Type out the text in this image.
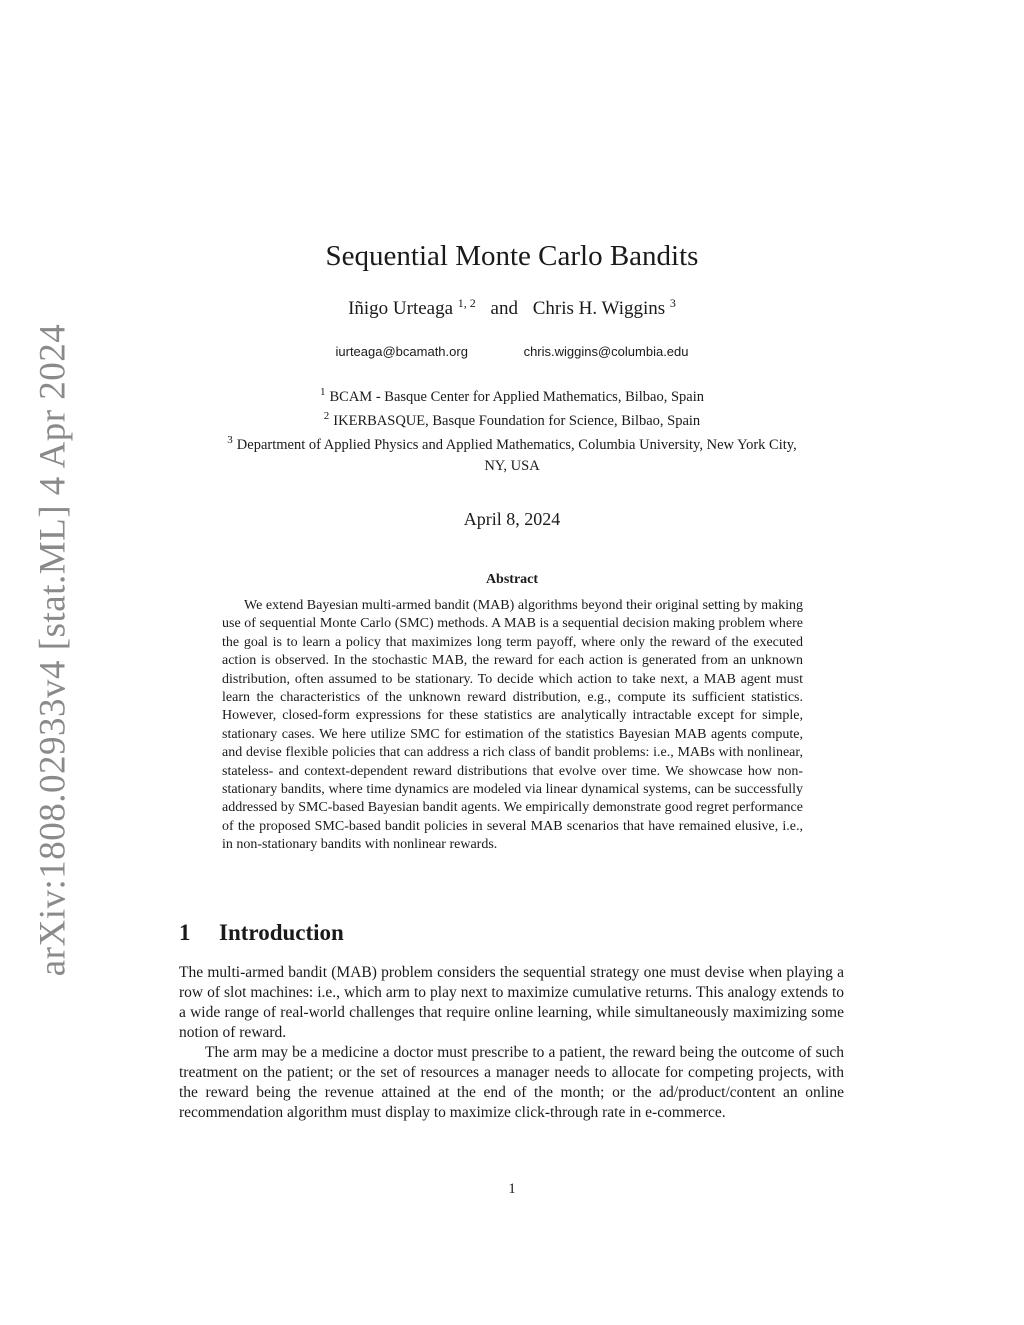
arXiv:1808.02933v4 [stat.ML] 4 Apr 2024
Sequential Monte Carlo Bandits
Iñigo Urteaga $^{1, 2}$ and Chris H. Wiggins $^3$
iurteaga@bcamath.org	chris.wiggins@columbia.edu
$^1$ BCAM - Basque Center for Applied Mathematics, Bilbao, Spain
$^2$ IKERBASQUE, Basque Foundation for Science, Bilbao, Spain
$^3$ Department of Applied Physics and Applied Mathematics, Columbia University, New York City,
NY, USA
April 8, 2024
Abstract

We extend Bayesian multi-armed bandit (MAB) algorithms beyond their original setting by making use of sequential Monte Carlo (SMC) methods. A MAB is a sequential decision making problem where the goal is to learn a policy that maximizes long term payoff, where only the reward of the executed action is observed. In the stochastic MAB, the reward for each action is generated from an unknown distribution, often assumed to be stationary. To decide which action to take next, a MAB agent must learn the characteristics of the unknown reward distribution, e.g., compute its sufficient statistics. However, closed-form expressions for these statistics are analytically intractable except for simple, stationary cases. We here utilize SMC for estimation of the statistics Bayesian MAB agents compute, and devise flexible policies that can address a rich class of bandit problems: i.e., MABs with nonlinear, stateless- and context-dependent reward distributions that evolve over time. We showcase how non-stationary bandits, where time dynamics are modeled via linear dynamical systems, can be successfully addressed by SMC-based Bayesian bandit agents. We empirically demonstrate good regret performance of the proposed SMC-based bandit policies in several MAB scenarios that have remained elusive, i.e., in non-stationary bandits with nonlinear rewards.

1 Introduction

The multi-armed bandit (MAB) problem considers the sequential strategy one must devise when playing a row of slot machines: i.e., which arm to play next to maximize cumulative returns. This analogy extends to a wide range of real-world challenges that require online learning, while simultaneously maximizing some notion of reward.

The arm may be a medicine a doctor must prescribe to a patient, the reward being the outcome of such treatment on the patient; or the set of resources a manager needs to allocate for competing projects, with the reward being the revenue attained at the end of the month; or the ad/product/content an online recommendation algorithm must display to maximize click-through rate in e-commerce.

1
